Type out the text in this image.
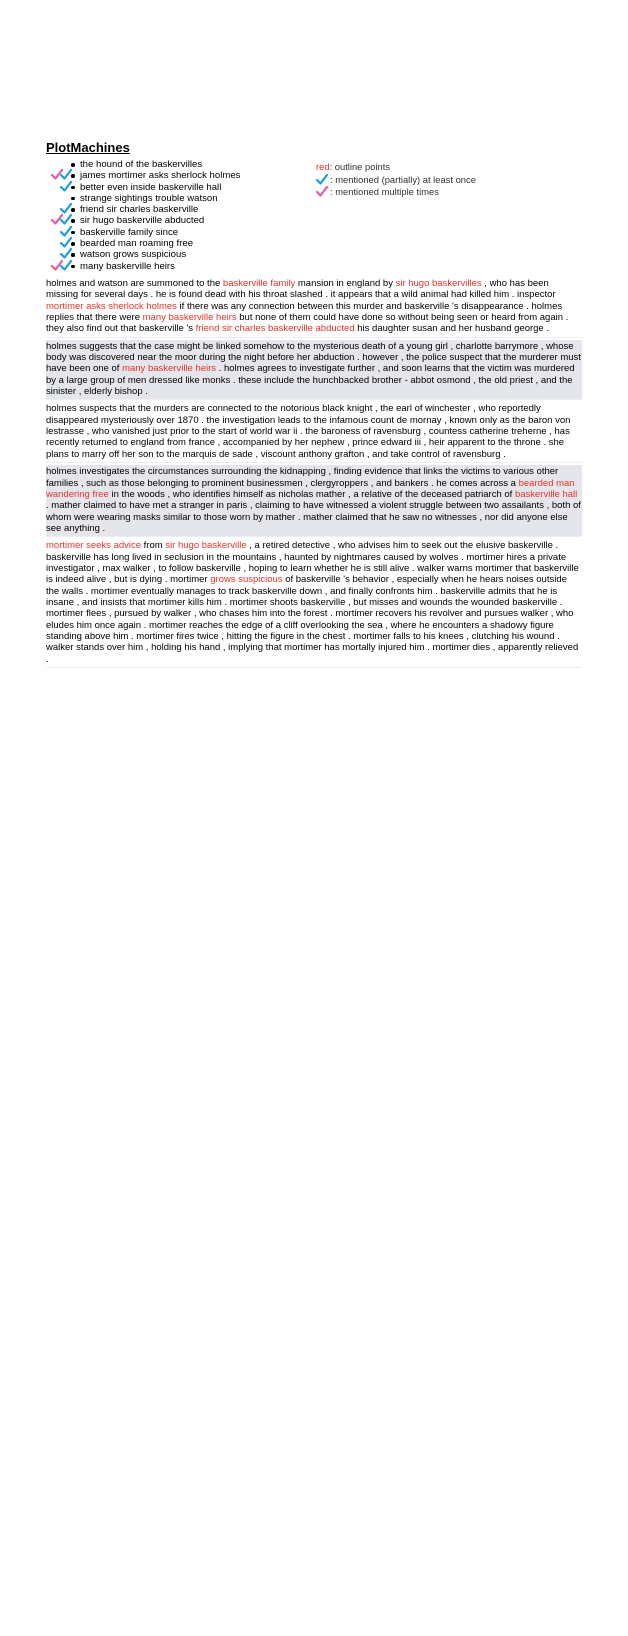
PlotMachines
the hound of the baskervilles
james mortimer asks sherlock holmes
better even inside baskerville hall
strange sightings trouble watson
friend sir charles baskerville
sir hugo baskerville abducted
baskerville family since
bearded man roaming free
watson grows suspicious
many baskerville heirs
red: outline points
: mentioned (partially) at least once
: mentioned multiple times
holmes and watson are summoned to the baskerville family mansion in england by sir hugo baskervilles , who has been missing for several days . he is found dead with his throat slashed . it appears that a wild animal had killed him . inspector mortimer asks sherlock holmes if there was any connection between this murder and baskerville 's disappearance . holmes replies that there were many baskerville heirs but none of them could have done so without being seen or heard from again . they also find out that baskerville 's friend sir charles baskerville abducted his daughter susan and her husband george .
holmes suggests that the case might be linked somehow to the mysterious death of a young girl , charlotte barrymore , whose body was discovered near the moor during the night before her abduction . however , the police suspect that the murderer must have been one of many baskerville heirs . holmes agrees to investigate further , and soon learns that the victim was murdered by a large group of men dressed like monks . these include the hunchbacked brother - abbot osmond , the old priest , and the sinister , elderly bishop .
holmes suspects that the murders are connected to the notorious black knight , the earl of winchester , who reportedly disappeared mysteriously over 1870 . the investigation leads to the infamous count de mornay , known only as the baron von lestrasse , who vanished just prior to the start of world war ii . the baroness of ravensburg , countess catherine treherne , has recently returned to england from france , accompanied by her nephew , prince edward iii , heir apparent to the throne . she plans to marry off her son to the marquis de sade , viscount anthony grafton , and take control of ravensburg .
holmes investigates the circumstances surrounding the kidnapping , finding evidence that links the victims to various other families , such as those belonging to prominent businessmen , clergyroppers , and bankers . he comes across a bearded man wandering free in the woods , who identifies himself as nicholas mather , a relative of the deceased patriarch of baskerville hall . mather claimed to have met a stranger in paris , claiming to have witnessed a violent struggle between two assailants , both of whom were wearing masks similar to those worn by mather . mather claimed that he saw no witnesses , nor did anyone else see anything .
mortimer seeks advice from sir hugo baskerville , a retired detective , who advises him to seek out the elusive baskerville . baskerville has long lived in seclusion in the mountains , haunted by nightmares caused by wolves . mortimer hires a private investigator , max walker , to follow baskerville , hoping to learn whether he is still alive . walker warns mortimer that baskerville is indeed alive , but is dying . mortimer grows suspicious of baskerville 's behavior , especially when he hears noises outside the walls . mortimer eventually manages to track baskerville down , and finally confronts him . baskerville admits that he is insane , and insists that mortimer kills him . mortimer shoots baskerville , but misses and wounds the wounded baskerville . mortimer flees , pursued by walker , who chases him into the forest . mortimer recovers his revolver and pursues walker , who eludes him once again . mortimer reaches the edge of a cliff overlooking the sea , where he encounters a shadowy figure standing above him . mortimer fires twice , hitting the figure in the chest . mortimer falls to his knees , clutching his wound . walker stands over him , holding his hand , implying that mortimer has mortally injured him . mortimer dies , apparently relieved .
